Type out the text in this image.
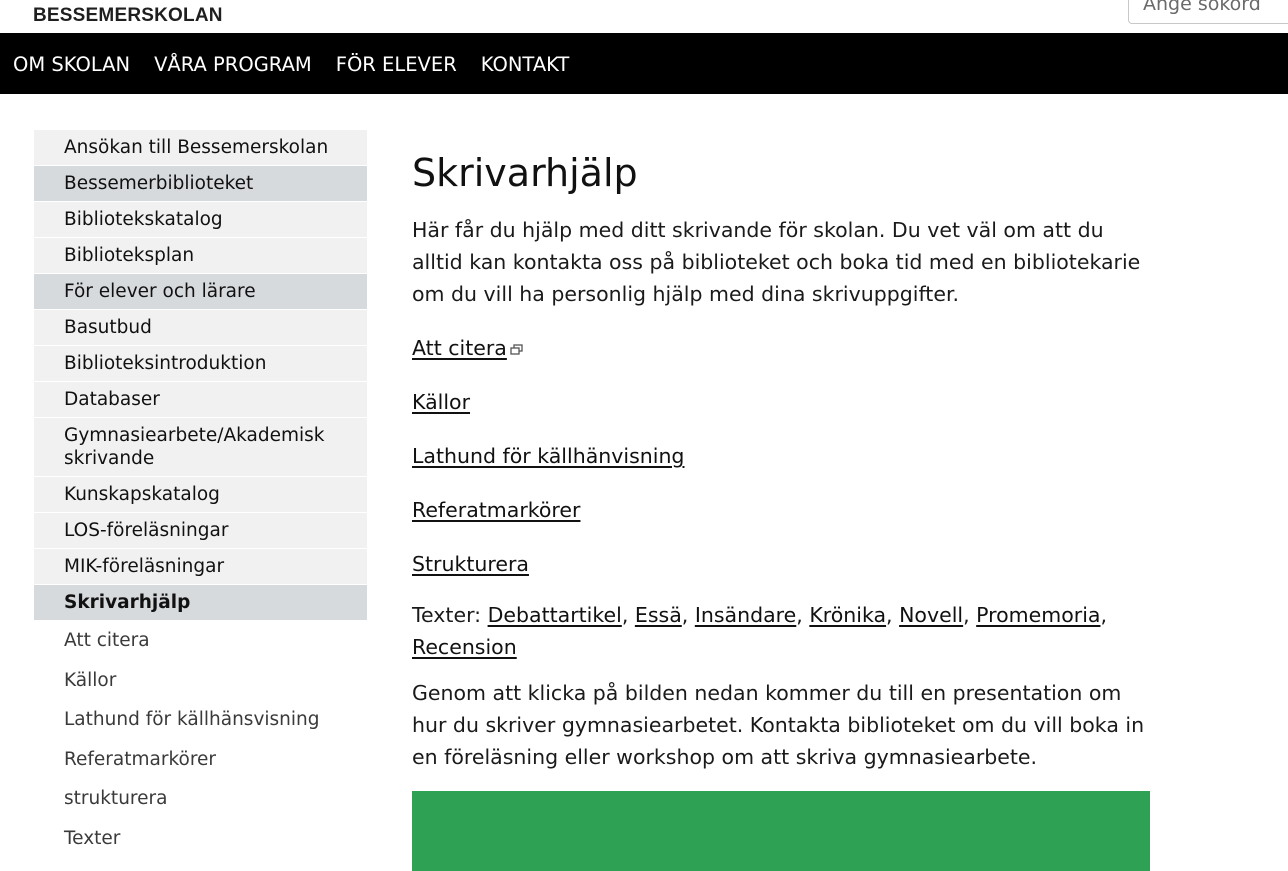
BESSEMERSKOLAN
Ange sökord
OM SKOLAN VÅRA PROGRAM FÖR ELEVER KONTAKT
Ansökan till Bessemerskolan
Bessemerbiblioteket
Bibliotekskatalog
Biblioteksplan
För elever och lärare
Basutbud
Biblioteksintroduktion
Databaser
Gymnasiearbete/Akademisk skrivande
Kunskapskatalog
LOS-föreläsningar
MIK-föreläsningar
Skrivarhjälp
Att citera
Källor
Lathund för källhänsvisning
Referatmarkörer
strukturera
Texter
Skrivarhjälp

Här får du hjälp med ditt skrivande för skolan. Du vet väl om att du alltid kan kontakta oss på biblioteket och boka tid med en bibliotekarie om du vill ha personlig hjälp med dina skrivuppgifter.

Att citera

Källor

Lathund för källhänvisning

Referatmarkörer

Strukturera

Texter: Debattartikel, Essä, Insändare, Krönika, Novell, Promemoria, Recension

Genom att klicka på bilden nedan kommer du till en presentation om hur du skriver gymnasiearbetet. Kontakta biblioteket om du vill boka in en föreläsning eller workshop om att skriva gymnasiearbete.
